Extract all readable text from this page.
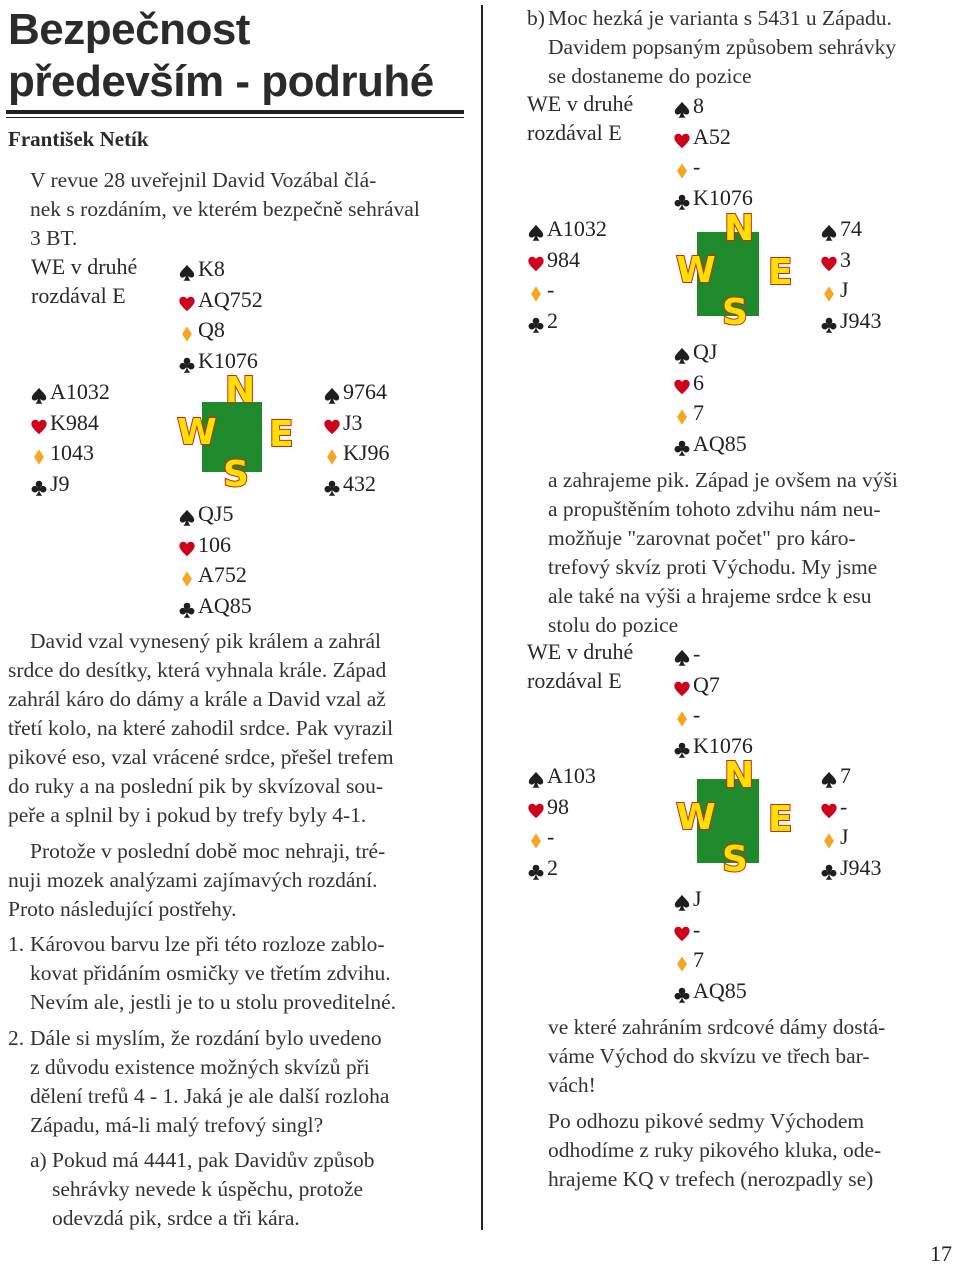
Bezpečnost
především - podruhé
František Netík
V revue 28 uveřejnil David Vozábal člá-
nek s rozdáním, ve kterém bezpečně sehrával
3 BT.
WE v druhé
rozdával E
N
S
W E
K8
AQ752
Q8
K1076
A1032
K984
1043
J9
9764
J3
KJ96
432
QJ5
106
A752
AQ85
David vzal vynesený pik králem a zahrál
srdce do desítky, která vyhnala krále. Západ
zahrál káro do dámy a krále a David vzal až
třetí kolo, na které zahodil srdce. Pak vyrazil
pikové eso, vzal vrácené srdce, přešel trefem
do ruky a na poslední pik by skvízoval sou-
peře a splnil by i pokud by trefy byly 4-1.
Protože v poslední době moc nehraji, tré-
nuji mozek analýzami zajímavých rozdání.
Proto následující postřehy.
1. Károvou barvu lze při této rozloze zablo-
kovat přidáním osmičky ve třetím zdvihu.
Nevím ale, jestli je to u stolu proveditelné.
2. Dále si myslím, že rozdání bylo uvedeno
z důvodu existence možných skvízů při
dělení trefů 4 - 1. Jaká je ale další rozloha
Západu, má-li malý trefový singl?
a) Pokud má 4441, pak Davidův způsob
sehrávky nevede k úspěchu, protože
odevzdá pik, srdce a tři kára.
b) Moc hezká je varianta s 5431 u Západu.
Davidem popsaným způsobem sehrávky
se dostaneme do pozice
WE v druhé
rozdával E
N
S
W E
8
A52
-
K1076
A1032
984
-
2
74
3
J
J943
QJ
6
7
AQ85
a zahrajeme pik. Západ je ovšem na výši
a propuštěním tohoto zdvihu nám neu-
možňuje "zarovnat počet" pro káro-
trefový skvíz proti Východu. My jsme
ale také na výši a hrajeme srdce k esu
stolu do pozice
WE v druhé
rozdával E
N
S
W E
-
Q7
-
K1076
A103
98
-
2
7
-
J
J943
J
-
7
AQ85
ve které zahráním srdcové dámy dostá-
váme Východ do skvízu ve třech bar-
vách!
Po odhozu pikové sedmy Východem
odhodíme z ruky pikového kluka, ode-
hrajeme KQ v trefech (nerozpadly se)
17
